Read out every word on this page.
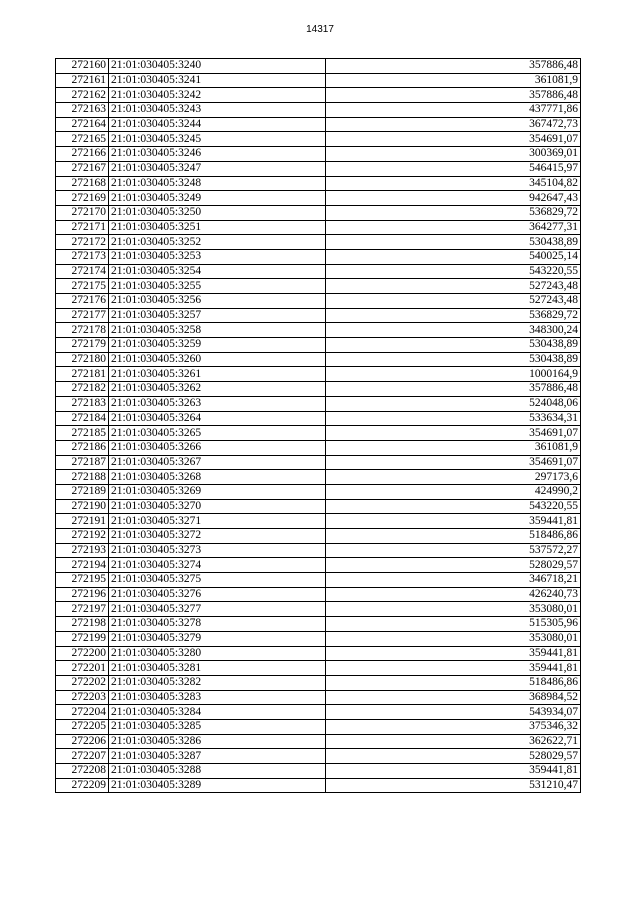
14317
272160	21:01:030405:3240	357886,48
272161	21:01:030405:3241	361081,9
272162	21:01:030405:3242	357886,48
272163	21:01:030405:3243	437771,86
272164	21:01:030405:3244	367472,73
272165	21:01:030405:3245	354691,07
272166	21:01:030405:3246	300369,01
272167	21:01:030405:3247	546415,97
272168	21:01:030405:3248	345104,82
272169	21:01:030405:3249	942647,43
272170	21:01:030405:3250	536829,72
272171	21:01:030405:3251	364277,31
272172	21:01:030405:3252	530438,89
272173	21:01:030405:3253	540025,14
272174	21:01:030405:3254	543220,55
272175	21:01:030405:3255	527243,48
272176	21:01:030405:3256	527243,48
272177	21:01:030405:3257	536829,72
272178	21:01:030405:3258	348300,24
272179	21:01:030405:3259	530438,89
272180	21:01:030405:3260	530438,89
272181	21:01:030405:3261	1000164,9
272182	21:01:030405:3262	357886,48
272183	21:01:030405:3263	524048,06
272184	21:01:030405:3264	533634,31
272185	21:01:030405:3265	354691,07
272186	21:01:030405:3266	361081,9
272187	21:01:030405:3267	354691,07
272188	21:01:030405:3268	297173,6
272189	21:01:030405:3269	424990,2
272190	21:01:030405:3270	543220,55
272191	21:01:030405:3271	359441,81
272192	21:01:030405:3272	518486,86
272193	21:01:030405:3273	537572,27
272194	21:01:030405:3274	528029,57
272195	21:01:030405:3275	346718,21
272196	21:01:030405:3276	426240,73
272197	21:01:030405:3277	353080,01
272198	21:01:030405:3278	515305,96
272199	21:01:030405:3279	353080,01
272200	21:01:030405:3280	359441,81
272201	21:01:030405:3281	359441,81
272202	21:01:030405:3282	518486,86
272203	21:01:030405:3283	368984,52
272204	21:01:030405:3284	543934,07
272205	21:01:030405:3285	375346,32
272206	21:01:030405:3286	362622,71
272207	21:01:030405:3287	528029,57
272208	21:01:030405:3288	359441,81
272209	21:01:030405:3289	531210,47
